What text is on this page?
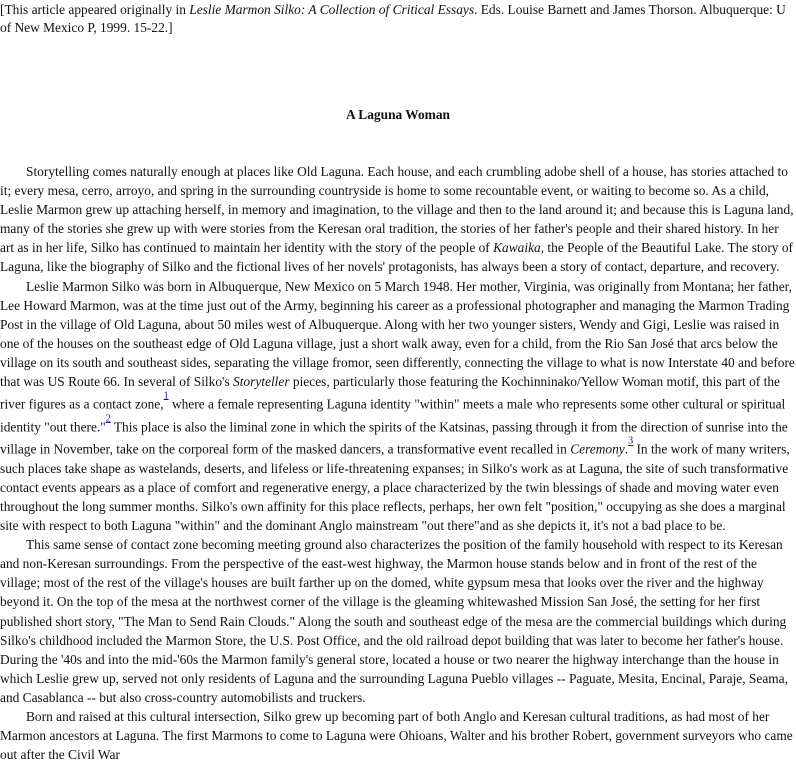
[This article appeared originally in Leslie Marmon Silko: A Collection of Critical Essays. Eds. Louise Barnett and James Thorson. Albuquerque: U of New Mexico P, 1999. 15-22.]

A Laguna Woman

Storytelling comes naturally enough at places like Old Laguna. Each house, and each crumbling adobe shell of a house, has stories attached to it; every mesa, cerro, arroyo, and spring in the surrounding countryside is home to some recountable event, or waiting to become so. As a child, Leslie Marmon grew up attaching herself, in memory and imagination, to the village and then to the land around it; and because this is Laguna land, many of the stories she grew up with were stories from the Keresan oral tradition, the stories of her father's people and their shared history. In her art as in her life, Silko has continued to maintain her identity with the story of the people of Kawaika, the People of the Beautiful Lake. The story of Laguna, like the biography of Silko and the fictional lives of her novels' protagonists, has always been a story of contact, departure, and recovery.

Leslie Marmon Silko was born in Albuquerque, New Mexico on 5 March 1948. Her mother, Virginia, was originally from Montana; her father, Lee Howard Marmon, was at the time just out of the Army, beginning his career as a professional photographer and managing the Marmon Trading Post in the village of Old Laguna, about 50 miles west of Albuquerque. Along with her two younger sisters, Wendy and Gigi, Leslie was raised in one of the houses on the southeast edge of Old Laguna village, just a short walk away, even for a child, from the Rio San José that arcs below the village on its south and southeast sides, separating the village fromor, seen differently, connecting the village to what is now Interstate 40 and before that was US Route 66. In several of Silko's Storyteller pieces, particularly those featuring the Kochinninako/Yellow Woman motif, this part of the river figures as a contact zone,$^1$ where a female representing Laguna identity "within" meets a male who represents some other cultural or spiritual identity "out there."$^2$ This place is also the liminal zone in which the spirits of the Katsinas, passing through it from the direction of sunrise into the village in November, take on the corporeal form of the masked dancers, a transformative event recalled in Ceremony.$^3$ In the work of many writers, such places take shape as wastelands, deserts, and lifeless or life-threatening expanses; in Silko's work as at Laguna, the site of such transformative contact events appears as a place of comfort and regenerative energy, a place characterized by the twin blessings of shade and moving water even throughout the long summer months. Silko's own affinity for this place reflects, perhaps, her own felt "position," occupying as she does a marginal site with respect to both Laguna "within" and the dominant Anglo mainstream "out there"and as she depicts it, it's not a bad place to be.

This same sense of contact zone becoming meeting ground also characterizes the position of the family household with respect to its Keresan and non-Keresan surroundings. From the perspective of the east-west highway, the Marmon house stands below and in front of the rest of the village; most of the rest of the village's houses are built farther up on the domed, white gypsum mesa that looks over the river and the highway beyond it. On the top of the mesa at the northwest corner of the village is the gleaming whitewashed Mission San José, the setting for her first published short story, "The Man to Send Rain Clouds." Along the south and southeast edge of the mesa are the commercial buildings which during Silko's childhood included the Marmon Store, the U.S. Post Office, and the old railroad depot building that was later to become her father's house. During the '40s and into the mid-'60s the Marmon family's general store, located a house or two nearer the highway interchange than the house in which Leslie grew up, served not only residents of Laguna and the surrounding Laguna Pueblo villages -- Paguate, Mesita, Encinal, Paraje, Seama, and Casablanca -- but also cross-country automobilists and truckers.

Born and raised at this cultural intersection, Silko grew up becoming part of both Anglo and Keresan cultural traditions, as had most of her Marmon ancestors at Laguna. The first Marmons to come to Laguna were Ohioans, Walter and his brother Robert, government surveyors who came out after the Civil War
